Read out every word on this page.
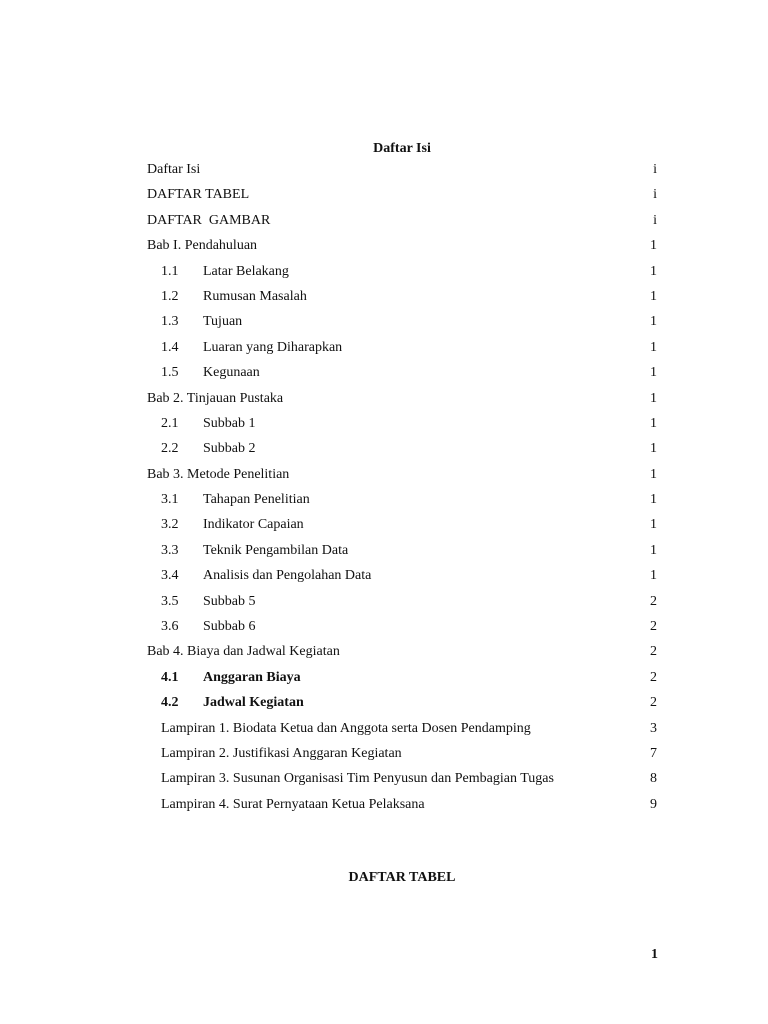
Daftar Isi
Daftar Isi	i
DAFTAR TABEL	i
DAFTAR  GAMBAR	i
Bab I. Pendahuluan	1
1.1 Latar Belakang	1
1.2 Rumusan Masalah	1
1.3 Tujuan	1
1.4 Luaran yang Diharapkan	1
1.5 Kegunaan	1
Bab 2. Tinjauan Pustaka	1
2.1 Subbab 1	1
2.2 Subbab 2	1
Bab 3. Metode Penelitian	1
3.1 Tahapan Penelitian	1
3.2 Indikator Capaian	1
3.3 Teknik Pengambilan Data	1
3.4 Analisis dan Pengolahan Data	1
3.5 Subbab 5	2
3.6 Subbab 6	2
Bab 4. Biaya dan Jadwal Kegiatan	2
4.1 Anggaran Biaya	2
4.2 Jadwal Kegiatan	2
Lampiran 1. Biodata Ketua dan Anggota serta Dosen Pendamping	3
Lampiran 2. Justifikasi Anggaran Kegiatan	7
Lampiran 3. Susunan Organisasi Tim Penyusun dan Pembagian Tugas	8
Lampiran 4. Surat Pernyataan Ketua Pelaksana	9
DAFTAR TABEL
1
